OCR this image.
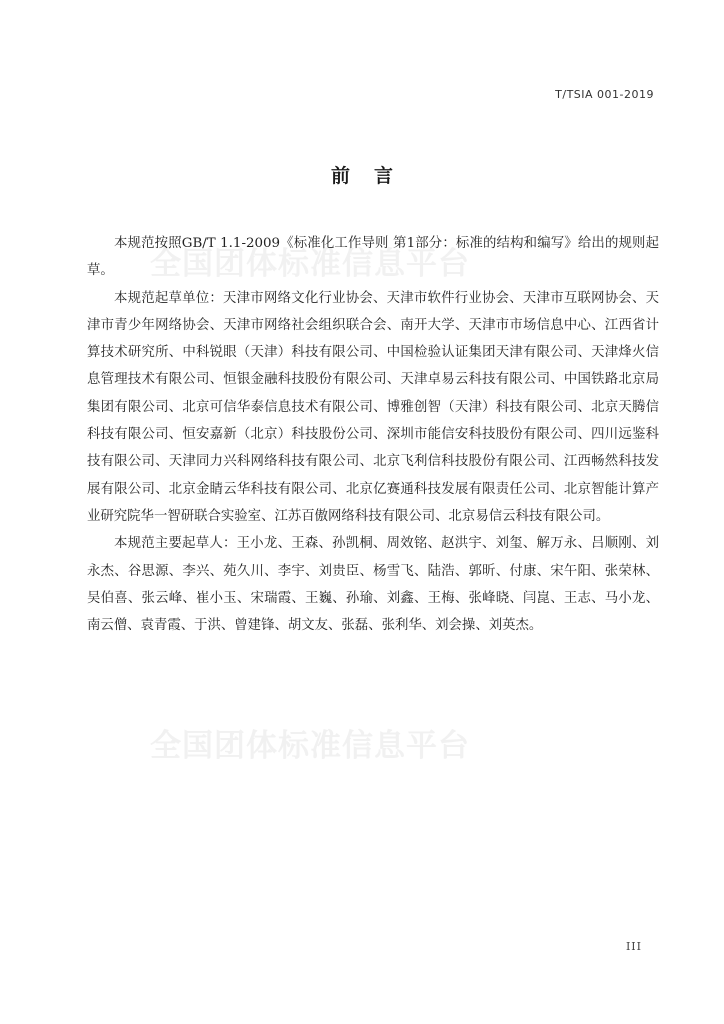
T/TSIA 001-2019
前言
全国团体标准信息平台
全国团体标准信息平台

本规范按照GB/T 1.1-2009《标准化工作导则 第1部分：标准的结构和编写》给出的规则起草。

本规范起草单位：天津市网络文化行业协会、天津市软件行业协会、天津市互联网协会、天津市青少年网络协会、天津市网络社会组织联合会、南开大学、天津市市场信息中心、江西省计算技术研究所、中科锐眼（天津）科技有限公司、中国检验认证集团天津有限公司、天津烽火信息管理技术有限公司、恒银金融科技股份有限公司、天津卓易云科技有限公司、中国铁路北京局集团有限公司、北京可信华泰信息技术有限公司、博雅创智（天津）科技有限公司、北京天腾信科技有限公司、恒安嘉新（北京）科技股份公司、深圳市能信安科技股份有限公司、四川远鉴科技有限公司、天津同力兴科网络科技有限公司、北京飞利信科技股份有限公司、江西畅然科技发展有限公司、北京金睛云华科技有限公司、北京亿赛通科技发展有限责任公司、北京智能计算产业研究院华一智研联合实验室、江苏百傲网络科技有限公司、北京易信云科技有限公司。

本规范主要起草人：王小龙、王森、孙凯桐、周效铭、赵洪宇、刘玺、解万永、吕顺刚、刘永杰、谷思源、李兴、苑久川、李宇、刘贵臣、杨雪飞、陆浩、郭昕、付康、宋午阳、张荣林、吴伯喜、张云峰、崔小玉、宋瑞霞、王巍、孙瑜、刘鑫、王梅、张峰晓、闫崑、王志、马小龙、南云僧、袁青霞、于洪、曾建锋、胡文友、张磊、张利华、刘会操、刘英杰。

III
